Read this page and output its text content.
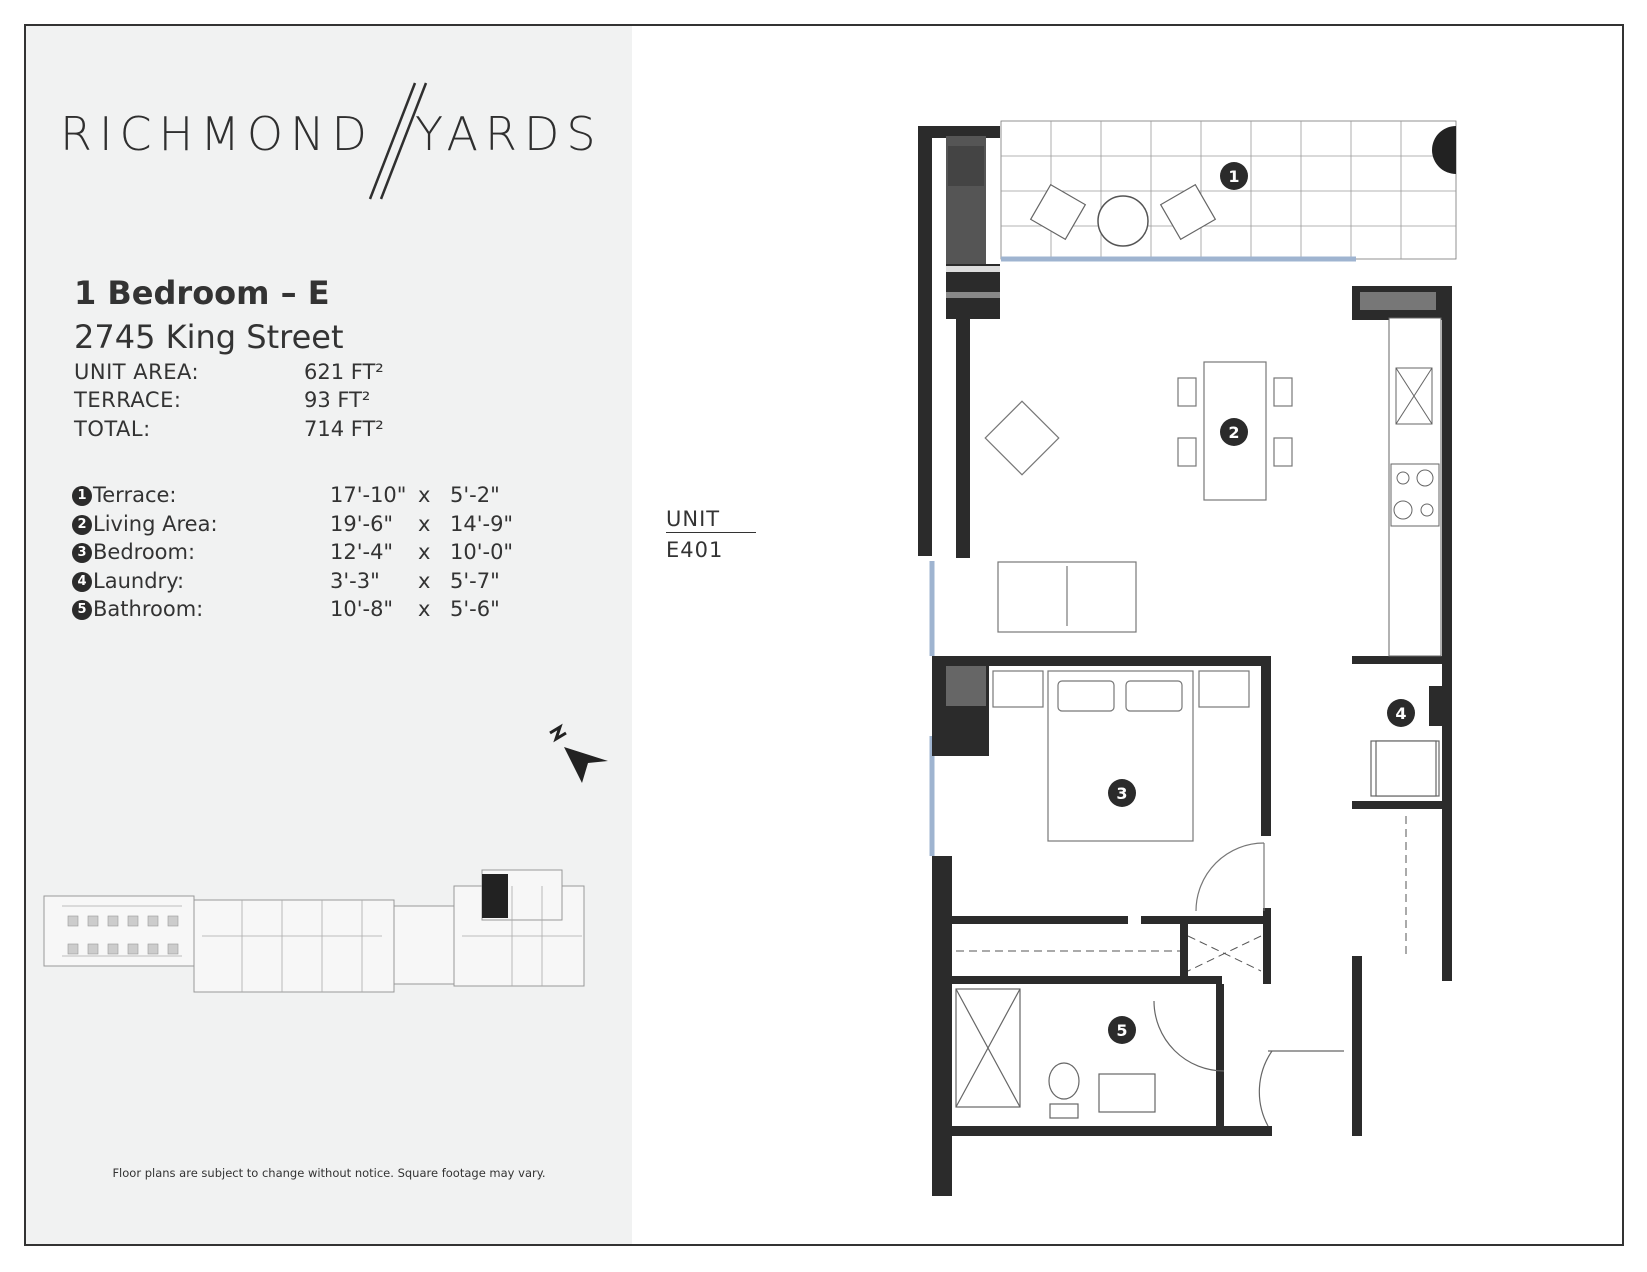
RICHMOND YARDS
1 Bedroom – E
2745 King Street
UNIT AREA:	621 FT²
TERRACE:	93 FT²
TOTAL:	714 FT²
1 Terrace:	17'-10" x 5'-2"
2 Living Area:	19'-6" x 14'-9"
3 Bedroom:	12'-4" x 10'-0"
4 Laundry:	3'-3" x 5'-7"
5 Bathroom:	10'-8" x 5'-6"
Floor plans are subject to change without notice. Square footage may vary.
UNIT
E401
1
2
3
4
5
